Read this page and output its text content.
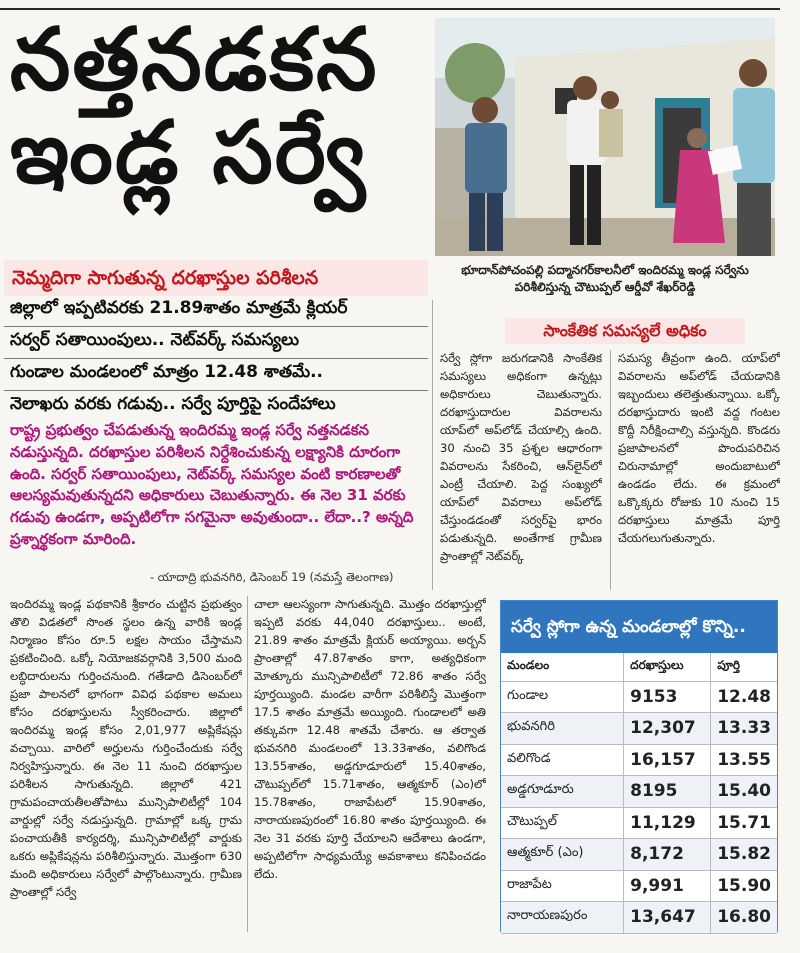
నత్తనడకన
ఇండ్ల సర్వే
భూదాన్‌పోచంపల్లి పద్మానగర్‌కాలనీలో ఇందిరమ్మ ఇండ్ల సర్వేను పరిశీలిస్తున్న చౌటుప్పల్ ఆర్డీవో శేఖర్‌రెడ్డి
నెమ్మదిగా సాగుతున్న దరఖాస్తుల పరిశీలన
జిల్లాలో ఇప్పటివరకు 21.89శాతం మాత్రమే క్లియర్
సర్వర్ సతాయింపులు.. నెట్‌వర్క్ సమస్యలు
గుండాల మండలంలో మాత్రం 12.48 శాతమే..
నెలాఖరు వరకు గడువు.. సర్వే పూర్తిపై సందేహాలు
రాష్ట్ర ప్రభుత్వం చేపడుతున్న ఇందిరమ్మ ఇండ్ల సర్వే నత్తనడకన నడుస్తున్నది. దరఖాస్తుల పరిశీలన నిర్దేశించుకున్న లక్ష్యానికి దూరంగా ఉంది. సర్వర్ సతాయింపులు, నెట్‌వర్క్ సమస్యల వంటి కారణాలతో ఆలస్యమవుతున్నదని అధికారులు చెబుతున్నారు. ఈ నెల 31 వరకు గడువు ఉండగా, అప్పటిలోగా సగమైనా అవుతుందా.. లేదా..? అన్నది ప్రశ్నార్థకంగా మారింది.
- యాదాద్రి భువనగిరి, డిసెంబర్ 19 (నమస్తే తెలంగాణ)
సాంకేతిక సమస్యలే అధికం
సర్వే స్లోగా జరుగడానికి సాంకేతిక సమస్యలు అధికంగా ఉన్నట్లు అధికారులు చెబుతున్నారు. దరఖాస్తుదారుల వివరాలను యాప్‌లో అప్‌లోడ్ చేయాల్సి ఉంది. 30 నుంచి 35 ప్రశ్నల ఆధారంగా వివరాలను సేకరించి, ఆన్‌లైన్‌లో ఎంట్రీ చేయాలి. పెద్ద సంఖ్యలో యాప్‌లో వివరాలు అప్‌లోడ్ చేస్తుండడంతో సర్వర్‌పై భారం పడుతున్నది. అంతేగాక గ్రామీణ ప్రాంతాల్లో నెట్‌వర్క్
సమస్య తీవ్రంగా ఉంది. యాప్‌లో వివరాలను అప్‌లోడ్ చేయడానికి ఇబ్బందులు తలెత్తుతున్నాయి. ఒక్కో దరఖాస్తుదారు ఇంటి వద్ద గంటల కొద్దీ నిరీక్షించాల్సి వస్తున్నది. కొండరు ప్రజాపాలనలో పొందుపరిచిన చిరునామాల్లో అందుబాటులో ఉండడం లేదు. ఈ క్రమంలో ఒక్కొక్కరు రోజుకు 10 నుంచి 15 దరఖాస్తులు మాత్రమే పూర్తి చేయగలుగుతున్నారు.
ఇందిరమ్మ ఇండ్ల పథకానికి శ్రీకారం చుట్టిన ప్రభుత్వం తొలి విడతలో సొంత స్థలం ఉన్న వారికి ఇండ్ల నిర్మాణం కోసం రూ.5 లక్షల సాయం చేస్తామని ప్రకటించింది. ఒక్కో నియోజకవర్గానికి 3,500 మంది లబ్ధిదారులను గుర్తించనుంది. గతేడాది డిసెంబర్‌లో ప్రజా పాలనలో భాగంగా వివిధ పథకాల అమలు కోసం దరఖాస్తులను స్వీకరించారు. జిల్లాలో ఇందిరమ్మ ఇండ్ల కోసం 2,01,977 అప్లికేషన్లు వచ్చాయి. వారిలో అర్హులను గుర్తించేందుకు సర్వే నిర్వహిస్తున్నారు. ఈ నెల 11 నుంచి దరఖాస్తుల పరిశీలన సాగుతున్నది. జిల్లాలో 421 గ్రామపంచాయతీలతోపాటు మున్సిపాలిటీల్లో 104 వార్డుల్లో సర్వే నడుస్తున్నది. గ్రామాల్లో ఒక్క గ్రామ పంచాయతీకి కార్యదర్శి, మున్సిపాలిటీల్లో వార్డుకు ఒకరు అప్లికేషన్లను పరిశీలిస్తున్నారు. మొత్తంగా 630 మంది అధికారులు సర్వేలో పాల్గొంటున్నారు. గ్రామీణ ప్రాంతాల్లో సర్వే
చాలా ఆలస్యంగా సాగుతున్నది. మొత్తం దరఖాస్తుల్లో ఇప్పటి వరకు 44,040 దరఖాస్తులు.. అంటే, 21.89 శాతం మాత్రమే క్లియర్ అయ్యాయి. అర్బన్ ప్రాంతాల్లో 47.87శాతం కాగా, అత్యధికంగా మోత్కూరు మున్సిపాలిటీలో 72.86 శాతం సర్వే పూర్తయ్యింది. మండల వారీగా పరిశీలిస్తే మొత్తంగా 17.5 శాతం మాత్రమే అయ్యింది. గుండాలలో అతి తక్కువగా 12.48 శాతమే చేశారు. ఆ తర్వాత భువనగిరి మండలంలో 13.33శాతం, వలిగొండ 13.55శాతం, అడ్డగూడూరులో 15.40శాతం, చౌటుప్పల్‌లో 15.71శాతం, ఆత్మకూర్ (ఎం)లో 15.78శాతం, రాజాపేటలో 15.90శాతం, నారాయణపురంలో 16.80 శాతం పూర్తయ్యింది. ఈ నెల 31 వరకు పూర్తి చేయాలని ఆదేశాలు ఉండగా, అప్పటిలోగా సాధ్యమయ్యే అవకాశాలు కనిపించడం లేదు.
సర్వే స్లోగా ఉన్న మండలాల్లో కొన్ని..
మండలం	దరఖాస్తులు	పూర్తి
గుండాల	9153	12.48
భువనగిరి	12,307	13.33
వలిగొండ	16,157	13.55
అడ్డగూడూరు	8195	15.40
చౌటుప్పల్	11,129	15.71
ఆత్మకూర్ (ఎం)	8,172	15.82
రాజాపేట	9,991	15.90
నారాయణపురం	13,647	16.80
